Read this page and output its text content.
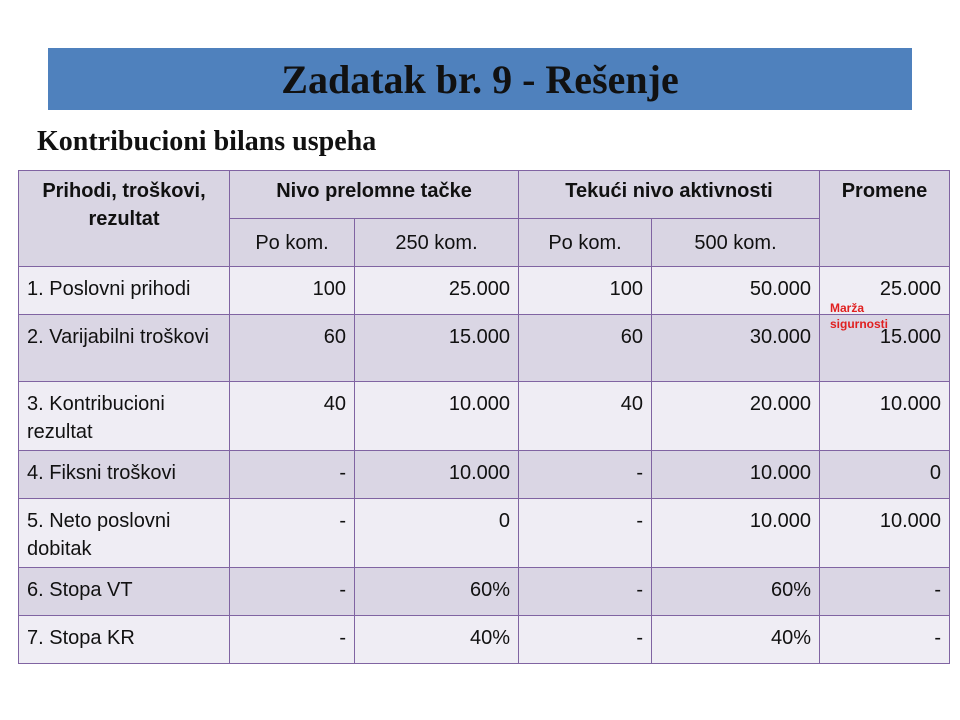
Zadatak br. 9 - Rešenje
Kontribucioni bilans uspeha
Prihodi, troškovi, rezultat	Nivo prelomne tačke		Tekući nivo aktivnosti		Promene
	Po kom.	250 kom.	Po kom.	500 kom.	
1. Poslovni prihodi	100	25.000	100	50.000	25.000
2. Varijabilni troškovi	60	15.000	60	30.000	15.000
3. Kontribucioni rezultat	40	10.000	40	20.000	10.000
4. Fiksni troškovi	-	10.000	-	10.000	0
5. Neto poslovni dobitak	-	0	-	10.000	10.000
6. Stopa VT	-	60%	-	60%	-
7. Stopa KR	-	40%	-	40%	-
Marža sigurnosti
